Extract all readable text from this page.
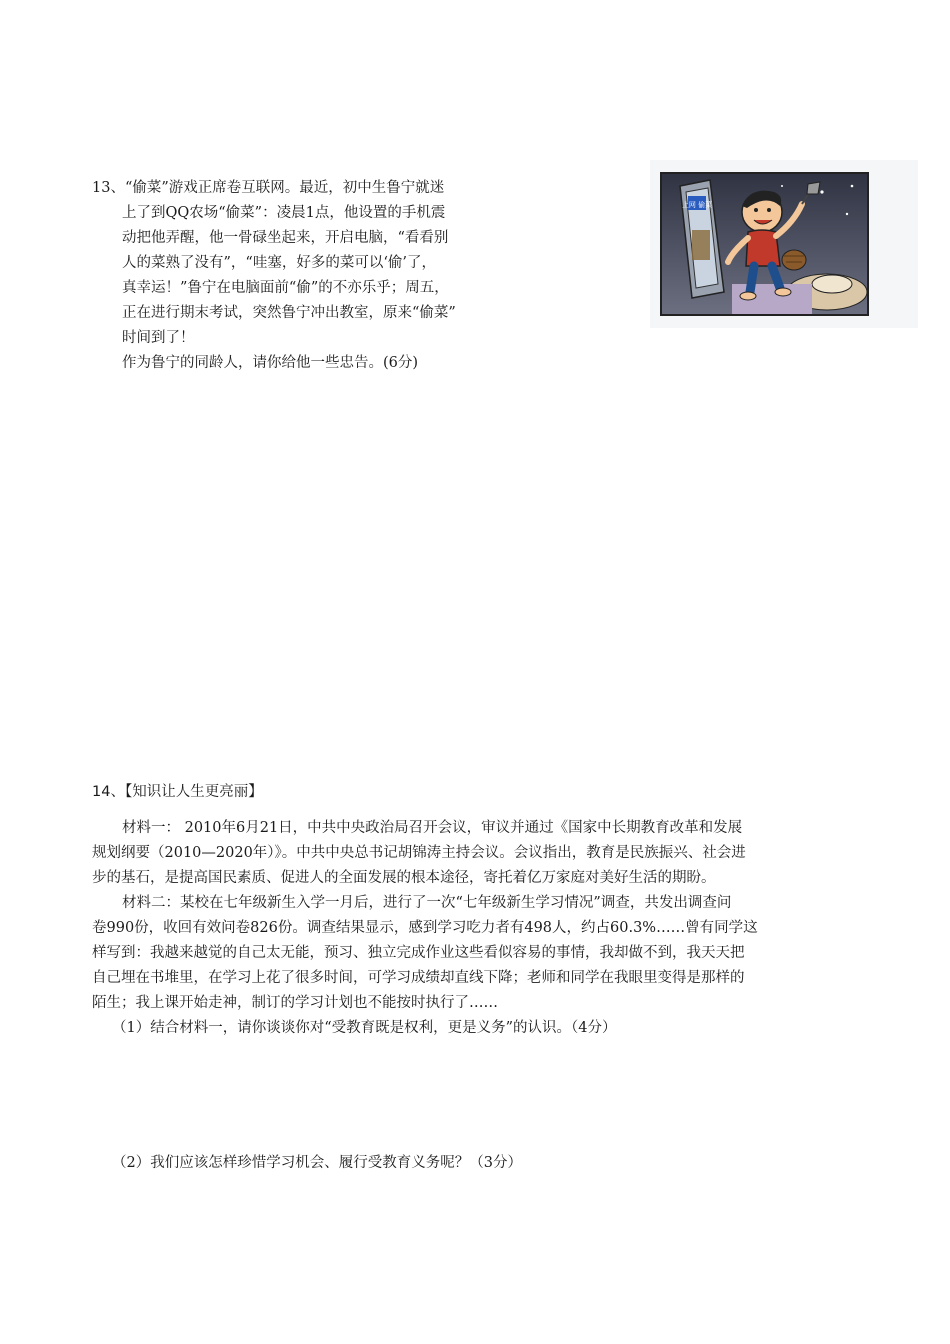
13、“偷菜”游戏正席卷互联网。最近，初中生鲁宁就迷
上了到QQ农场“偷菜”：凌晨1点，他设置的手机震
动把他弄醒，他一骨碌坐起来，开启电脑，“看看别
人的菜熟了没有”，“哇塞，好多的菜可以‘偷’了，
真幸运！”鲁宁在电脑面前“偷”的不亦乐乎；周五，
正在进行期末考试，突然鲁宁冲出教室，原来“偷菜”
时间到了！
作为鲁宁的同龄人，请你给他一些忠告。(6分)
上网 偷菜
14、【知识让人生更亮丽】
材料一： 2010年6月21日，中共中央政治局召开会议，审议并通过《国家中长期教育改革和发展
规划纲要（2010—2020年）》。中共中央总书记胡锦涛主持会议。会议指出，教育是民族振兴、社会进
步的基石，是提高国民素质、促进人的全面发展的根本途径，寄托着亿万家庭对美好生活的期盼。
材料二：某校在七年级新生入学一月后，进行了一次“七年级新生学习情况”调查，共发出调查问
卷990份，收回有效问卷826份。调查结果显示，感到学习吃力者有498人，约占60.3%……曾有同学这
样写到：我越来越觉的自己太无能，预习、独立完成作业这些看似容易的事情，我却做不到，我天天把
自己埋在书堆里，在学习上花了很多时间，可学习成绩却直线下降；老师和同学在我眼里变得是那样的
陌生；我上课开始走神，制订的学习计划也不能按时执行了……
（1）结合材料一，请你谈谈你对“受教育既是权利，更是义务”的认识。（4分）
（2）我们应该怎样珍惜学习机会、履行受教育义务呢？（3分）
